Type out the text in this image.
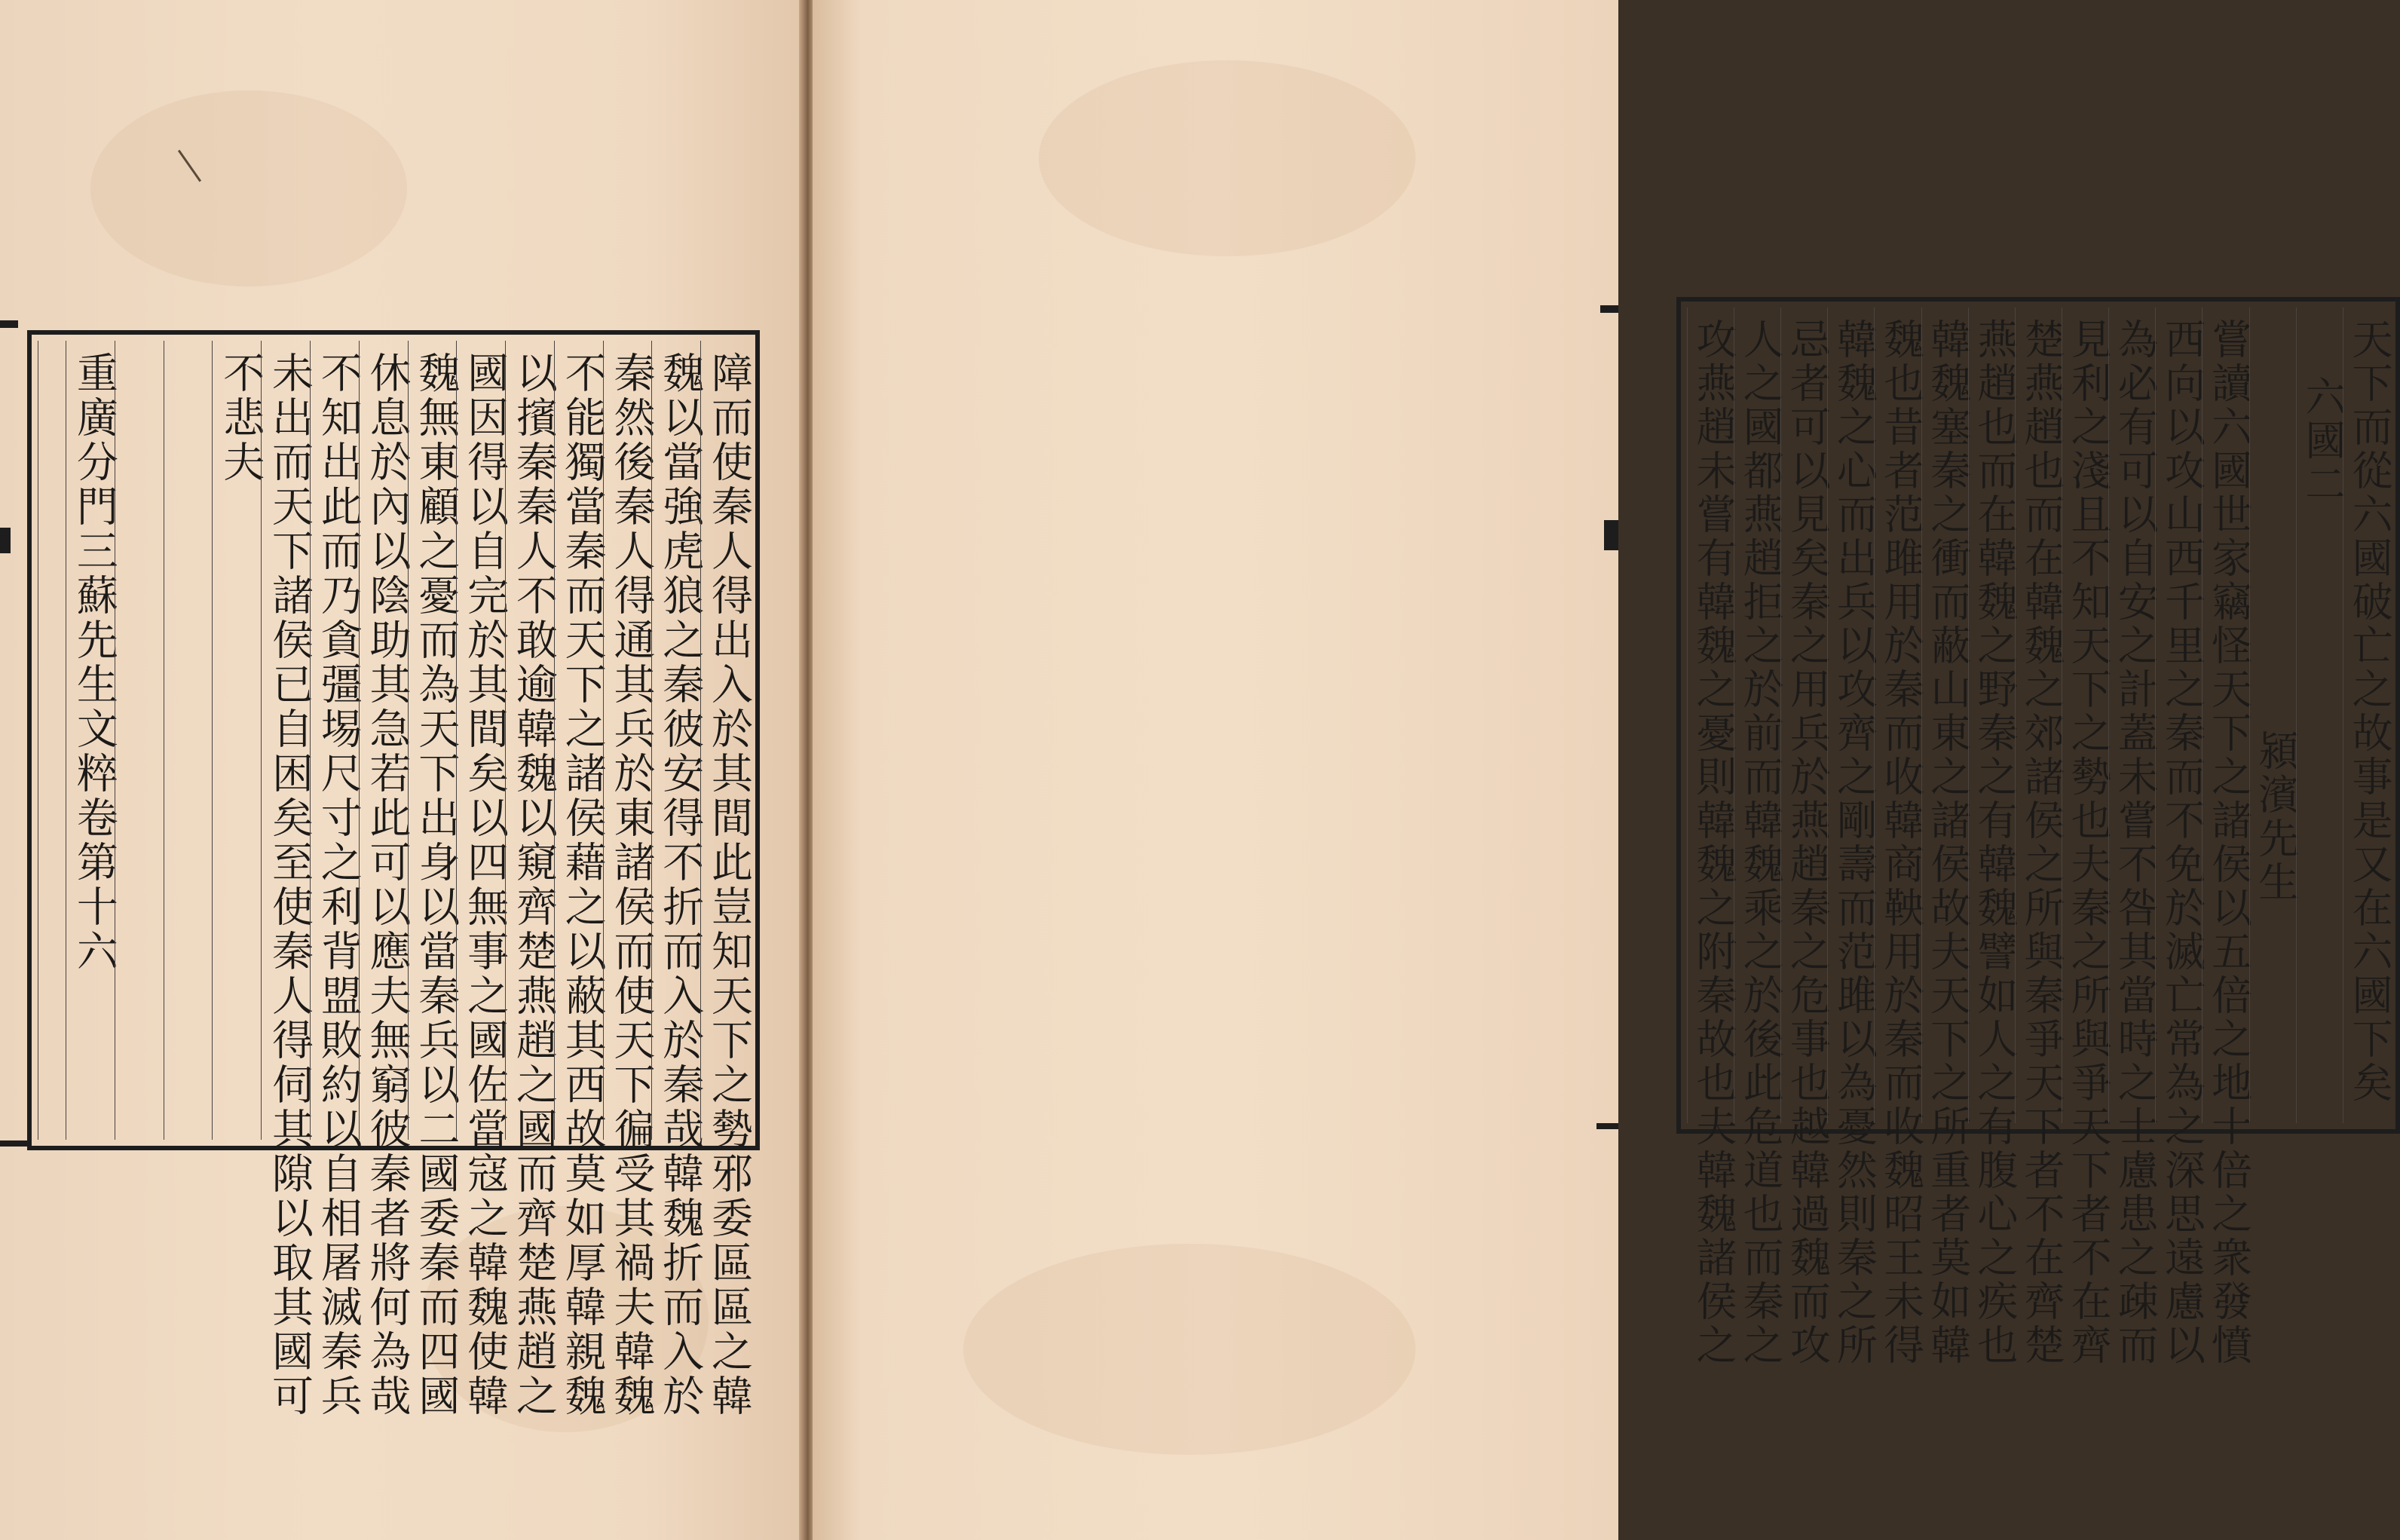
障而使秦人得出入於其間此豈知天下之勢邪委區區之韓
魏以當強虎狼之秦彼安得不折而入於秦哉韓魏折而入於
秦然後秦人得通其兵於東諸侯而使天下徧受其禍夫韓魏
不能獨當秦而天下之諸侯藉之以蔽其西故莫如厚韓親魏
以擯秦秦人不敢逾韓魏以窺齊楚燕趙之國而齊楚燕趙之
國因得以自完於其間矣以四無事之國佐當寇之韓魏使韓
魏無東顧之憂而為天下出身以當秦兵以二國委秦而四國
休息於內以陰助其急若此可以應夫無窮彼秦者將何為哉
不知出此而乃貪彊埸尺寸之利背盟敗約以自相屠滅秦兵
未出而天下諸侯已自困矣至使秦人得伺其隙以取其國可
不悲夫
重廣分門三蘇先生文粹卷第十六	天下而從六國破亡之故事是又在六國下矣
六國二
潁濱先生
嘗讀六國世家竊怪天下之諸侯以五倍之地十倍之衆發憤
西向以攻山西千里之秦而不免於滅亡常為之深思遠慮以
為必有可以自安之計蓋未嘗不咎其當時之士慮患之疎而
見利之淺且不知天下之勢也夫秦之所與爭天下者不在齊
楚燕趙也而在韓魏之郊諸侯之所與秦爭天下者不在齊楚
燕趙也而在韓魏之野秦之有韓魏譬如人之有腹心之疾也
韓魏塞秦之衝而蔽山東之諸侯故夫天下之所重者莫如韓
魏也昔者范雎用於秦而收韓商鞅用於秦而收魏昭王未得
韓魏之心而出兵以攻齊之剛壽而范雎以為憂然則秦之所
忌者可以見矣秦之用兵於燕趙秦之危事也越韓過魏而攻
人之國都燕趙拒之於前而韓魏乘之於後此危道也而秦之
攻燕趙未嘗有韓魏之憂則韓魏之附秦故也夫韓魏諸侯之
